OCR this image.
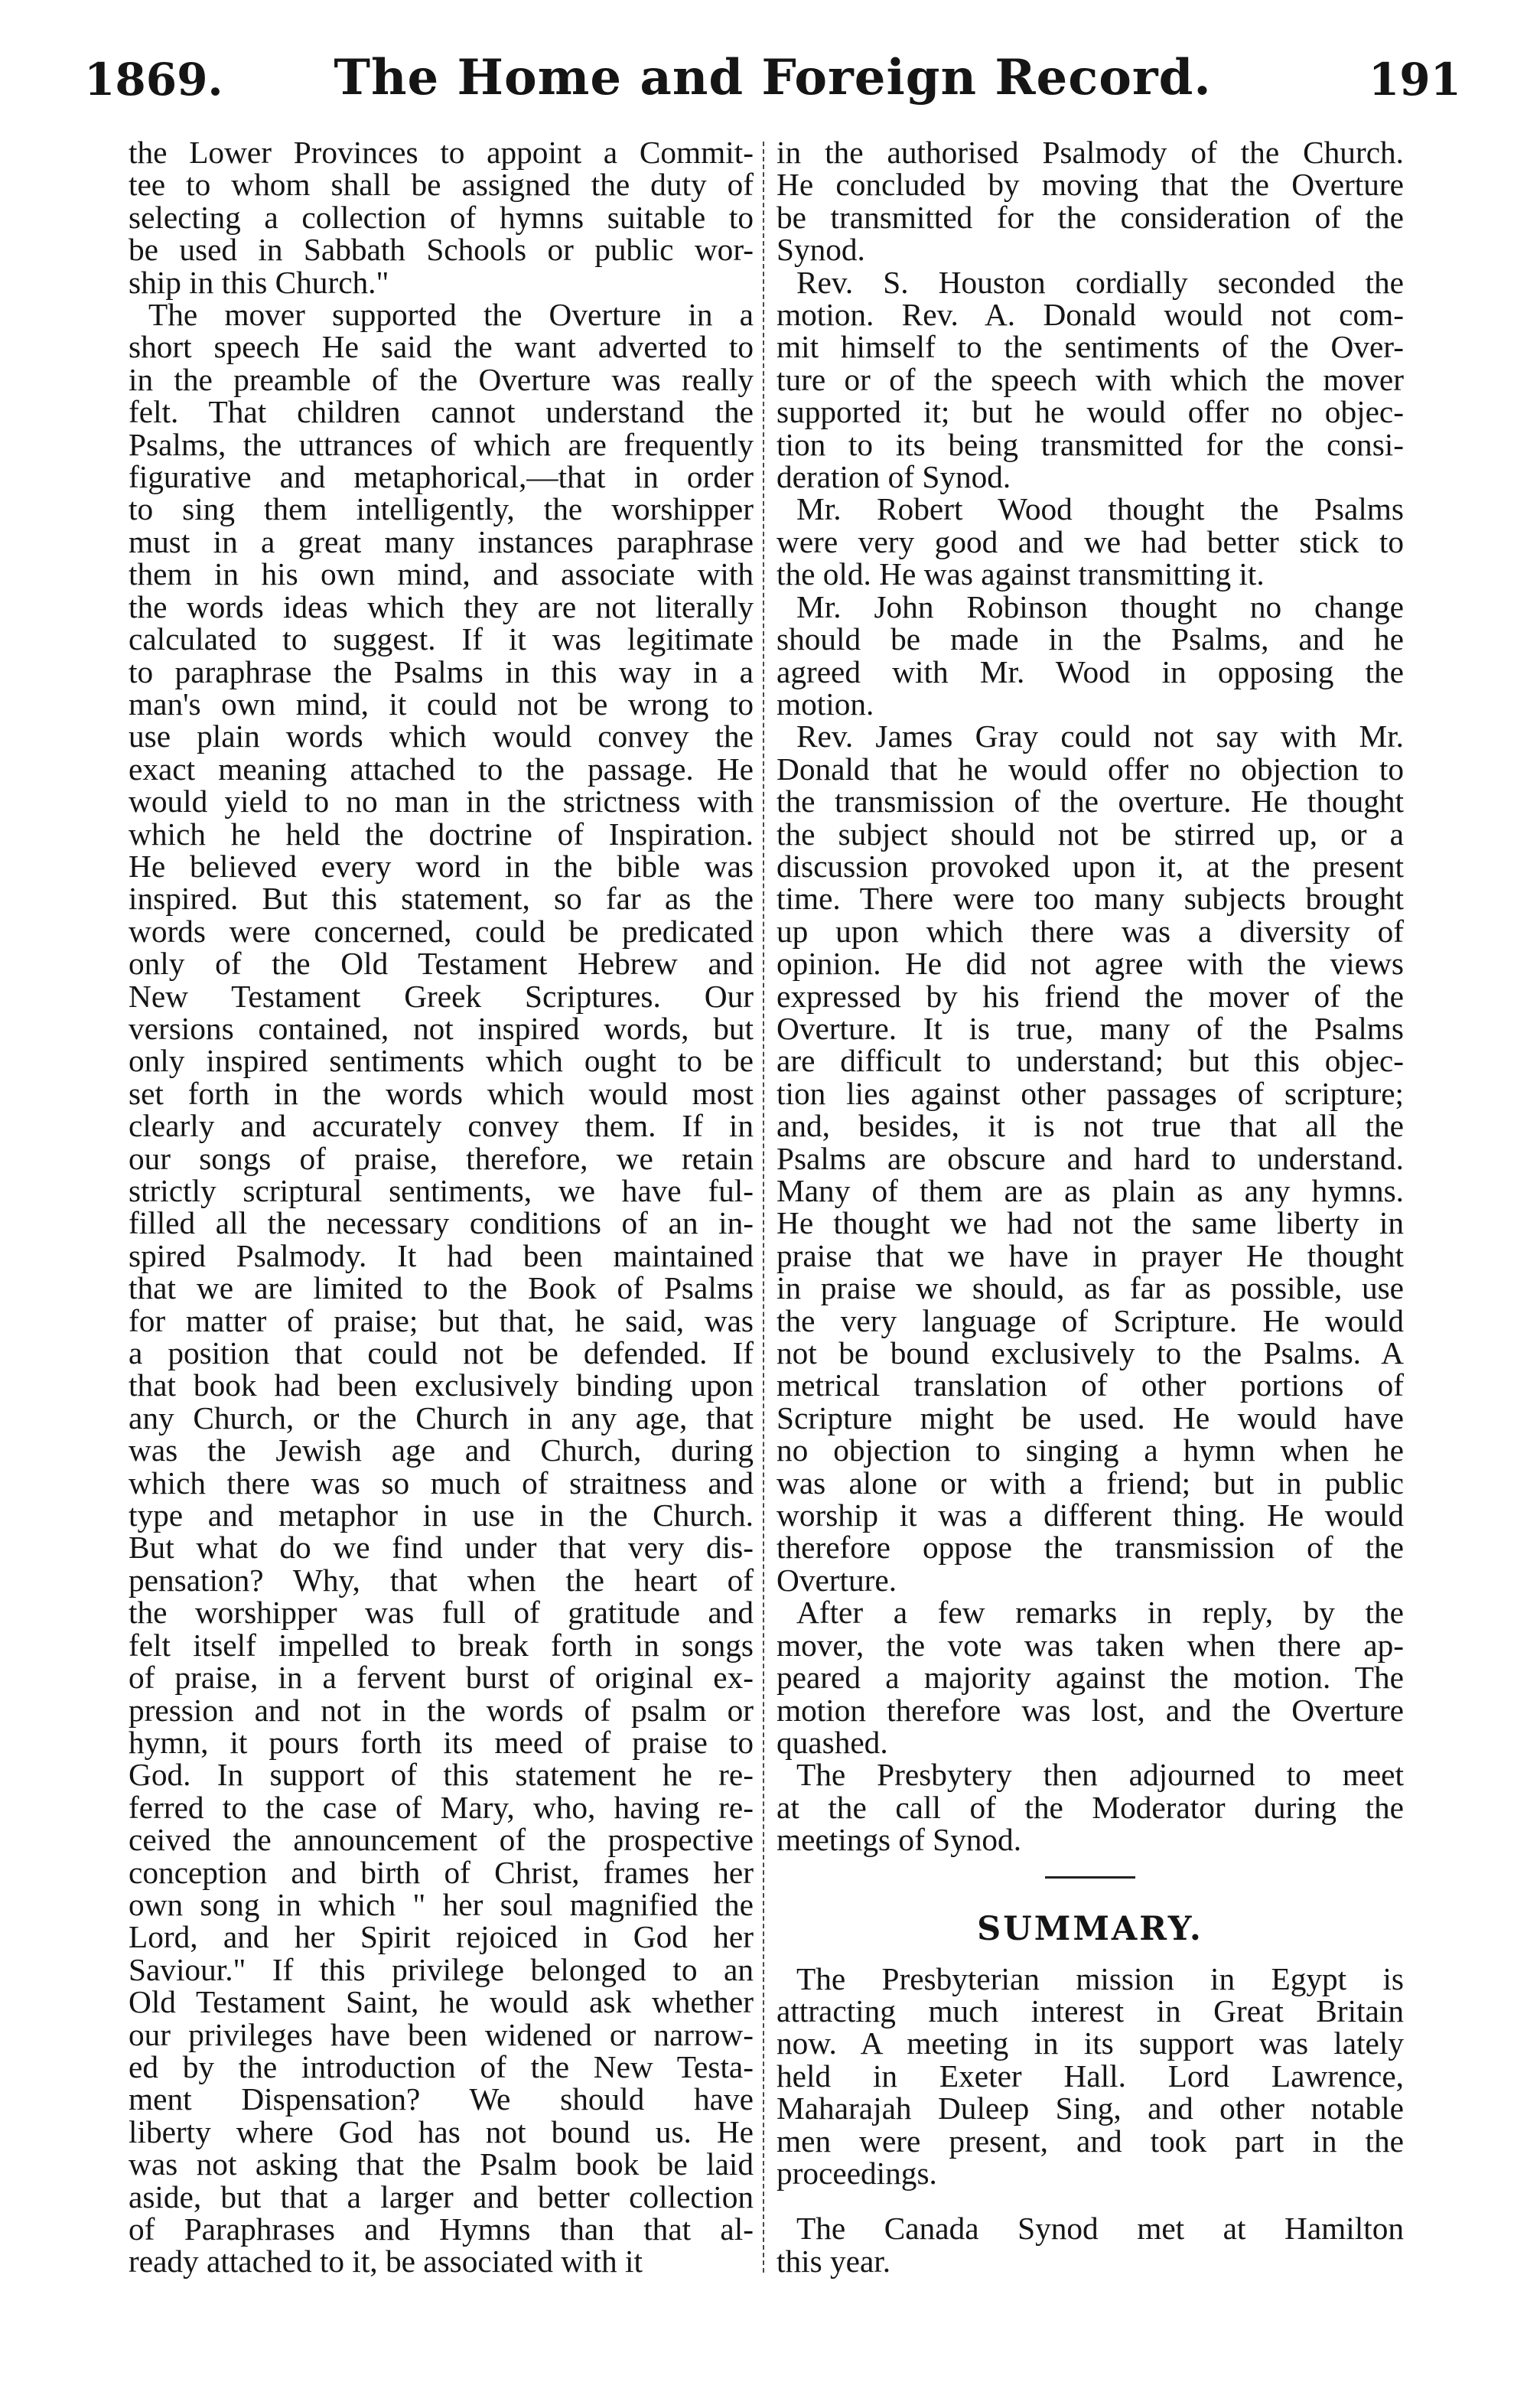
1869.	The Home and Foreign Record.	191
the Lower Provinces to appoint a Commit-
tee to whom shall be assigned the duty of
selecting a collection of hymns suitable to
be used in Sabbath Schools or public wor-
ship in this Church."
The mover supported the Overture in a
short speech He said the want adverted to
in the preamble of the Overture was really
felt. That children cannot understand the
Psalms, the uttrances of which are frequently
figurative and metaphorical,—that in order
to sing them intelligently, the worshipper
must in a great many instances paraphrase
them in his own mind, and associate with
the words ideas which they are not literally
calculated to suggest. If it was legitimate
to paraphrase the Psalms in this way in a
man's own mind, it could not be wrong to
use plain words which would convey the
exact meaning attached to the passage. He
would yield to no man in the strictness with
which he held the doctrine of Inspiration.
He believed every word in the bible was
inspired. But this statement, so far as the
words were concerned, could be predicated
only of the Old Testament Hebrew and
New Testament Greek Scriptures. Our
versions contained, not inspired words, but
only inspired sentiments which ought to be
set forth in the words which would most
clearly and accurately convey them. If in
our songs of praise, therefore, we retain
strictly scriptural sentiments, we have ful-
filled all the necessary conditions of an in-
spired Psalmody. It had been maintained
that we are limited to the Book of Psalms
for matter of praise; but that, he said, was
a position that could not be defended. If
that book had been exclusively binding upon
any Church, or the Church in any age, that
was the Jewish age and Church, during
which there was so much of straitness and
type and metaphor in use in the Church.
But what do we find under that very dis-
pensation? Why, that when the heart of
the worshipper was full of gratitude and
felt itself impelled to break forth in songs
of praise, in a fervent burst of original ex-
pression and not in the words of psalm or
hymn, it pours forth its meed of praise to
God. In support of this statement he re-
ferred to the case of Mary, who, having re-
ceived the announcement of the prospective
conception and birth of Christ, frames her
own song in which " her soul magnified the
Lord, and her Spirit rejoiced in God her
Saviour." If this privilege belonged to an
Old Testament Saint, he would ask whether
our privileges have been widened or narrow-
ed by the introduction of the New Testa-
ment Dispensation? We should have
liberty where God has not bound us. He
was not asking that the Psalm book be laid
aside, but that a larger and better collection
of Paraphrases and Hymns than that al-
ready attached to it, be associated with it
in the authorised Psalmody of the Church.
He concluded by moving that the Overture
be transmitted for the consideration of the
Synod.
Rev. S. Houston cordially seconded the
motion. Rev. A. Donald would not com-
mit himself to the sentiments of the Over-
ture or of the speech with which the mover
supported it; but he would offer no objec-
tion to its being transmitted for the consi-
deration of Synod.
Mr. Robert Wood thought the Psalms
were very good and we had better stick to
the old. He was against transmitting it.
Mr. John Robinson thought no change
should be made in the Psalms, and he
agreed with Mr. Wood in opposing the
motion.
Rev. James Gray could not say with Mr.
Donald that he would offer no objection to
the transmission of the overture. He thought
the subject should not be stirred up, or a
discussion provoked upon it, at the present
time. There were too many subjects brought
up upon which there was a diversity of
opinion. He did not agree with the views
expressed by his friend the mover of the
Overture. It is true, many of the Psalms
are difficult to understand; but this objec-
tion lies against other passages of scripture;
and, besides, it is not true that all the
Psalms are obscure and hard to understand.
Many of them are as plain as any hymns.
He thought we had not the same liberty in
praise that we have in prayer He thought
in praise we should, as far as possible, use
the very language of Scripture. He would
not be bound exclusively to the Psalms. A
metrical translation of other portions of
Scripture might be used. He would have
no objection to singing a hymn when he
was alone or with a friend; but in public
worship it was a different thing. He would
therefore oppose the transmission of the
Overture.
After a few remarks in reply, by the
mover, the vote was taken when there ap-
peared a majority against the motion. The
motion therefore was lost, and the Overture
quashed.
The Presbytery then adjourned to meet
at the call of the Moderator during the
meetings of Synod.
SUMMARY.
The Presbyterian mission in Egypt is
attracting much interest in Great Britain
now. A meeting in its support was lately
held in Exeter Hall. Lord Lawrence,
Maharajah Duleep Sing, and other notable
men were present, and took part in the
proceedings.
The Canada Synod met at Hamilton
this year.
